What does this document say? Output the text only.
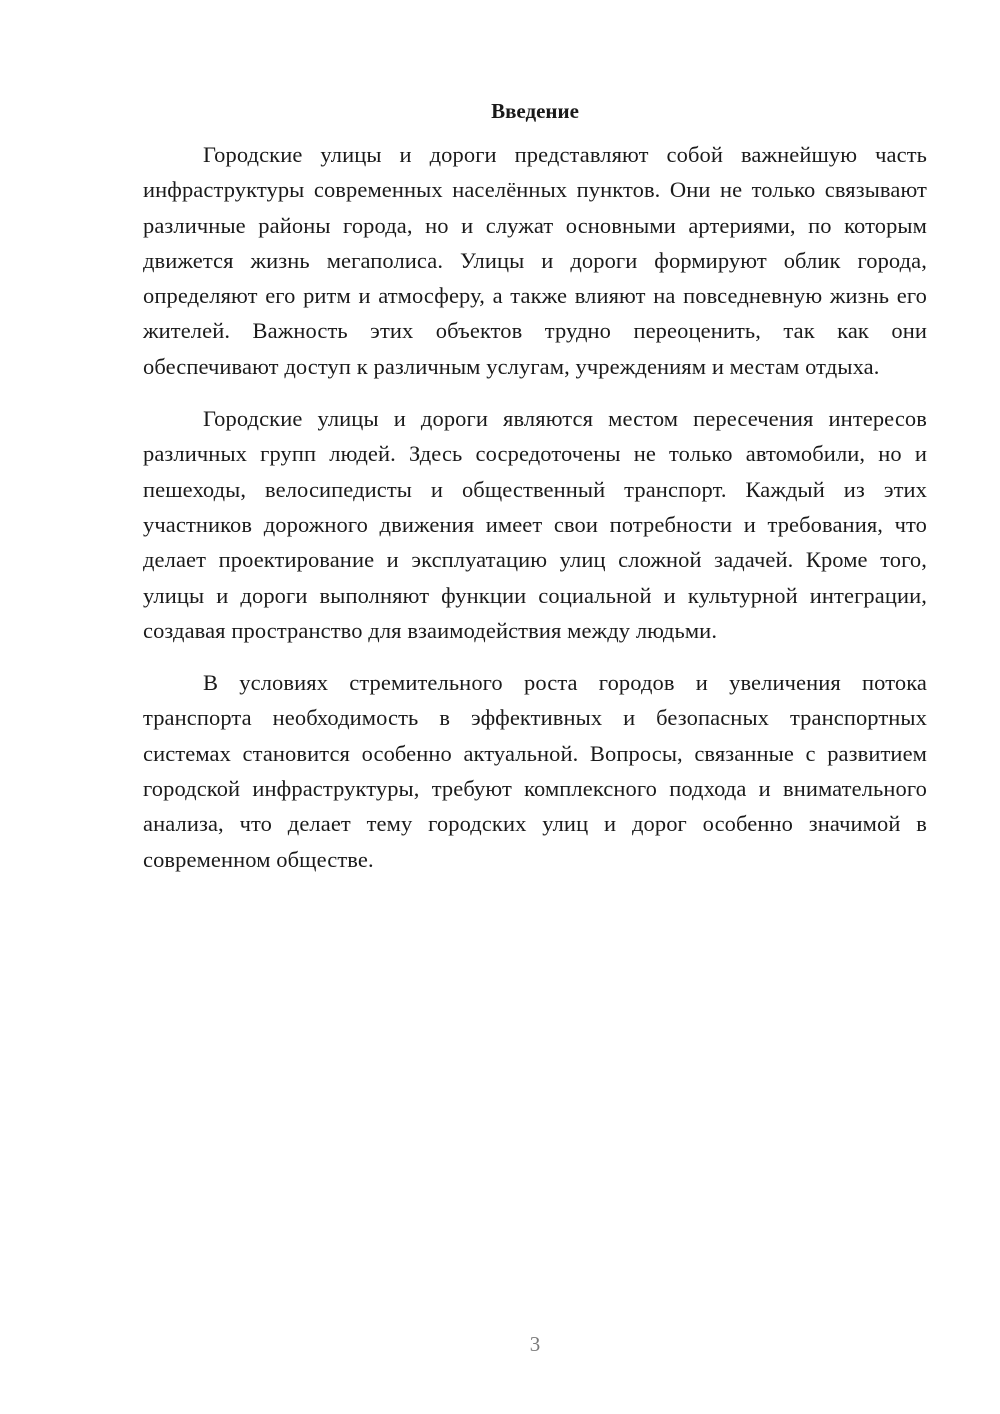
Введение

Городские улицы и дороги представляют собой важнейшую часть инфраструктуры современных населённых пунктов. Они не только связывают различные районы города, но и служат основными артериями, по которым движется жизнь мегаполиса. Улицы и дороги формируют облик города, определяют его ритм и атмосферу, а также влияют на повседневную жизнь его жителей. Важность этих объектов трудно переоценить, так как они обеспечивают доступ к различным услугам, учреждениям и местам отдыха.

Городские улицы и дороги являются местом пересечения интересов различных групп людей. Здесь сосредоточены не только автомобили, но и пешеходы, велосипедисты и общественный транспорт. Каждый из этих участников дорожного движения имеет свои потребности и требования, что делает проектирование и эксплуатацию улиц сложной задачей. Кроме того, улицы и дороги выполняют функции социальной и культурной интеграции, создавая пространство для взаимодействия между людьми.

В условиях стремительного роста городов и увеличения потока транспорта необходимость в эффективных и безопасных транспортных системах становится особенно актуальной. Вопросы, связанные с развитием городской инфраструктуры, требуют комплексного подхода и внимательного анализа, что делает тему городских улиц и дорог особенно значимой в современном обществе.

3
